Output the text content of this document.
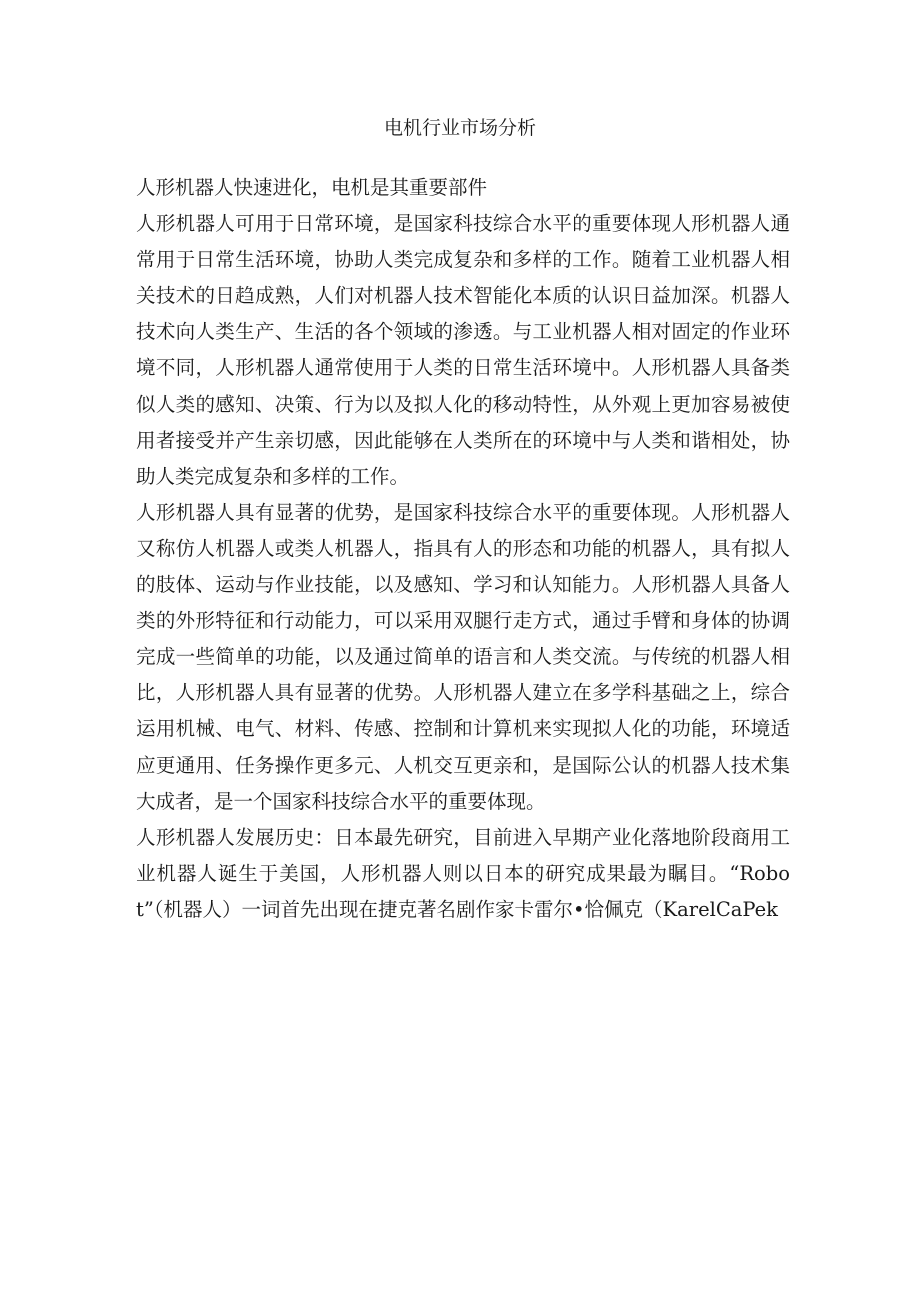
电机行业市场分析

人形机器人快速进化，电机是其重要部件

人形机器人可用于日常环境，是国家科技综合水平的重要体现人形机器人通常用于日常生活环境，协助人类完成复杂和多样的工作。随着工业机器人相关技术的日趋成熟，人们对机器人技术智能化本质的认识日益加深。机器人技术向人类生产、生活的各个领域的渗透。与工业机器人相对固定的作业环境不同，人形机器人通常使用于人类的日常生活环境中。人形机器人具备类似人类的感知、决策、行为以及拟人化的移动特性，从外观上更加容易被使用者接受并产生亲切感，因此能够在人类所在的环境中与人类和谐相处，协助人类完成复杂和多样的工作。

人形机器人具有显著的优势，是国家科技综合水平的重要体现。人形机器人又称仿人机器人或类人机器人，指具有人的形态和功能的机器人，具有拟人的肢体、运动与作业技能，以及感知、学习和认知能力。人形机器人具备人类的外形特征和行动能力，可以采用双腿行走方式，通过手臂和身体的协调完成一些简单的功能，以及通过简单的语言和人类交流。与传统的机器人相比，人形机器人具有显著的优势。人形机器人建立在多学科基础之上，综合运用机械、电气、材料、传感、控制和计算机来实现拟人化的功能，环境适应更通用、任务操作更多元、人机交互更亲和，是国际公认的机器人技术集大成者，是一个国家科技综合水平的重要体现。

人形机器人发展历史：日本最先研究，目前进入早期产业化落地阶段商用工业机器人诞生于美国，人形机器人则以日本的研究成果最为瞩目。“Robot”（机器人）一词首先出现在捷克著名剧作家卡雷尔•恰佩克（KarelCaPek
